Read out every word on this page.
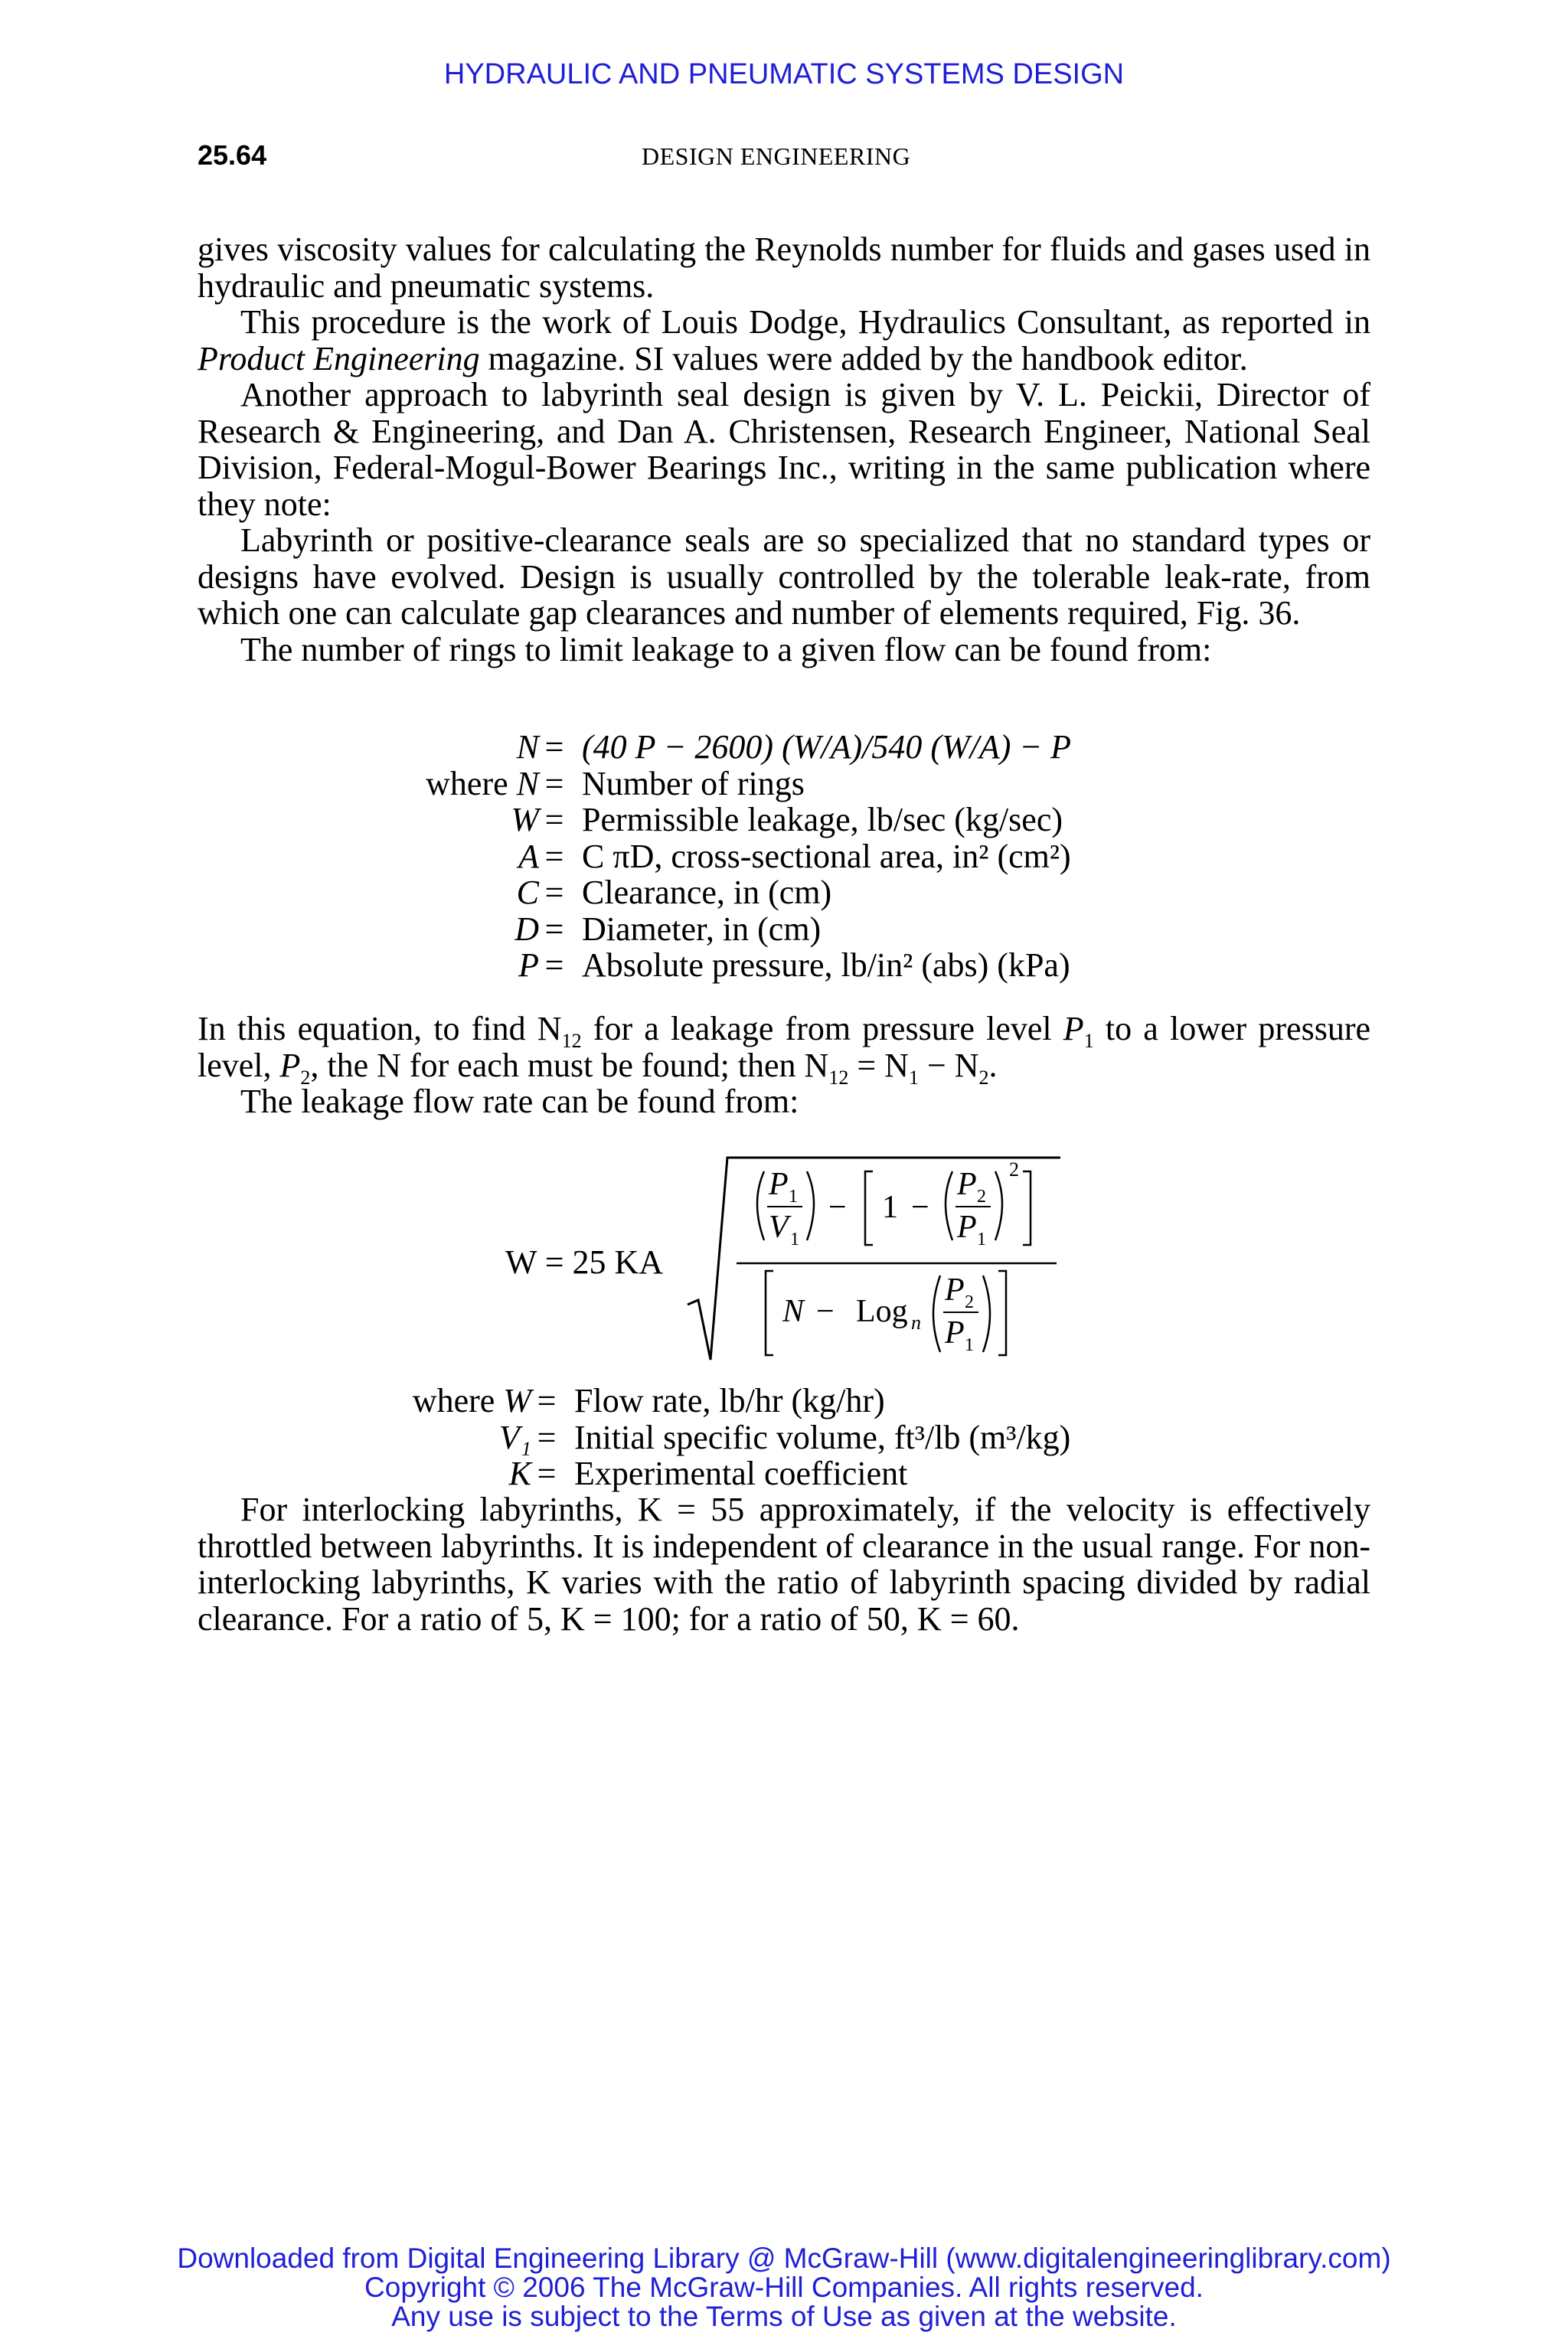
HYDRAULIC AND PNEUMATIC SYSTEMS DESIGN
25.64	DESIGN ENGINEERING

gives viscosity values for calculating the Reynolds number for fluids and gases used in hydraulic and pneumatic systems.

This procedure is the work of Louis Dodge, Hydraulics Consultant, as reported in Product Engineering magazine. SI values were added by the handbook editor.

Another approach to labyrinth seal design is given by V. L. Peickii, Director of Research & Engineering, and Dan A. Christensen, Research Engineer, National Seal Division, Federal-Mogul-Bower Bearings Inc., writing in the same publication where they note:

Labyrinth or positive-clearance seals are so specialized that no standard types or designs have evolved. Design is usually controlled by the tolerable leak-rate, from which one can calculate gap clearances and number of elements required, Fig. 36.

The number of rings to limit leakage to a given flow can be found from:

N = (40 P − 2600) (W/A)/540 (W/A) − P
where N = Number of rings
W = Permissible leakage, lb/sec (kg/sec)
A = C πD, cross-sectional area, in² (cm²)
C = Clearance, in (cm)
D = Diameter, in (cm)
P = Absolute pressure, lb/in² (abs) (kPa)

In this equation, to find $N_{12}$ for a leakage from pressure level $P_1$ to a lower pressure level, $P_2$, the N for each must be found; then $N_{12} = N_1 - N_2$.

The leakage flow rate can be found from:

W = 25 KA
P 1
V 1
− 1 −
P 2
P 1
2
N − Log n
P 2
P 1
where W = Flow rate, lb/hr (kg/hr)
V₁ = Initial specific volume, ft³/lb (m³/kg)
K = Experimental coefficient

For interlocking labyrinths, K = 55 approximately, if the velocity is effectively throttled between labyrinths. It is independent of clearance in the usual range. For non-interlocking labyrinths, K varies with the ratio of labyrinth spacing divided by radial clearance. For a ratio of 5, K = 100; for a ratio of 50, K = 60.

Downloaded from Digital Engineering Library @ McGraw-Hill (www.digitalengineeringlibrary.com)
Copyright © 2006 The McGraw-Hill Companies. All rights reserved.
Any use is subject to the Terms of Use as given at the website.
